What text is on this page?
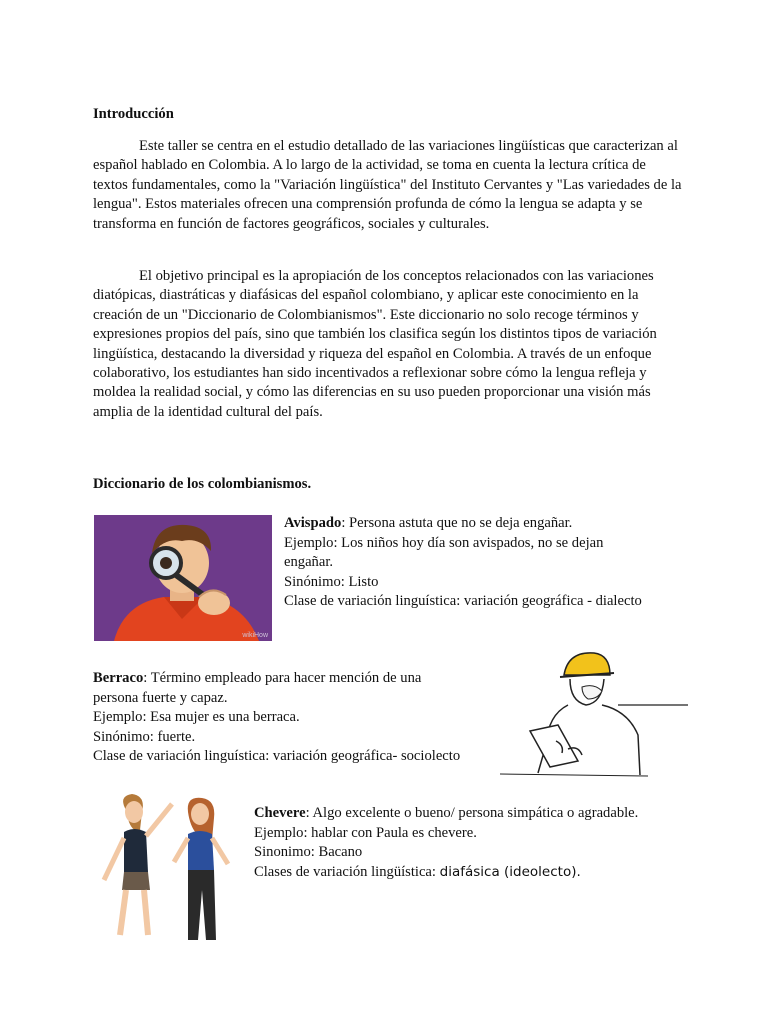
Introducción

Este taller se centra en el estudio detallado de las variaciones lingüísticas que caracterizan al español hablado en Colombia. A lo largo de la actividad, se toma en cuenta la lectura crítica de textos fundamentales, como la "Variación lingüística" del Instituto Cervantes y "Las variedades de la lengua". Estos materiales ofrecen una comprensión profunda de cómo la lengua se adapta y se transforma en función de factores geográficos, sociales y culturales.

El objetivo principal es la apropiación de los conceptos relacionados con las variaciones diatópicas, diastráticas y diafásicas del español colombiano, y aplicar este conocimiento en la creación de un "Diccionario de Colombianismos". Este diccionario no solo recoge términos y expresiones propios del país, sino que también los clasifica según los distintos tipos de variación lingüística, destacando la diversidad y riqueza del español en Colombia. A través de un enfoque colaborativo, los estudiantes han sido incentivados a reflexionar sobre cómo la lengua refleja y moldea la realidad social, y cómo las diferencias en su uso pueden proporcionar una visión más amplia de la identidad cultural del país.

Diccionario de los colombianismos.
wikiHow
Avispado: Persona astuta que no se deja engañar.
Ejemplo: Los niños hoy día son avispados, no se dejan engañar.
Sinónimo: Listo
Clase de variación linguística: variación geográfica - dialecto
Berraco: Término empleado para hacer mención de una persona fuerte y capaz.
Ejemplo: Esa mujer es una berraca.
Sinónimo: fuerte.
Clase de variación linguística: variación geográfica- sociolecto
Chevere: Algo excelente o bueno/ persona simpática o agradable.
Ejemplo: hablar con Paula es chevere.
Sinonimo: Bacano
Clases de variación lingüística: diafásica (ideolecto).
